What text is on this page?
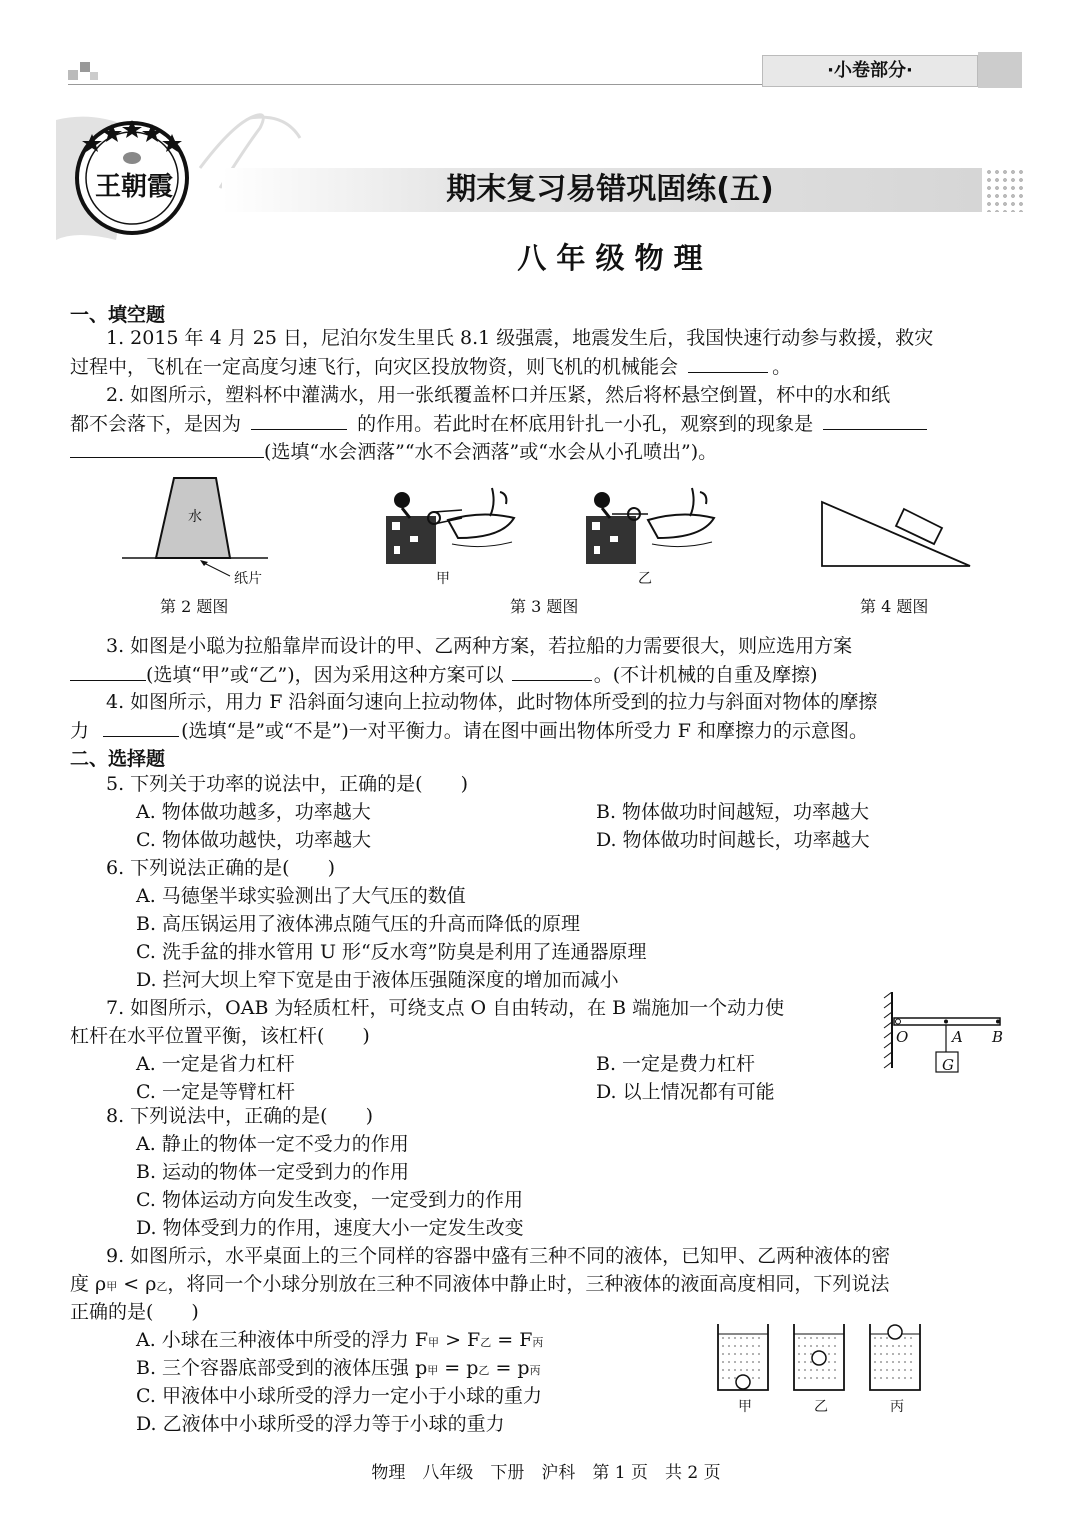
·小卷部分·
王朝霞	期末复习易错巩固练(五)
八 年 级 物 理
一、填空题
1. 2015 年 4 月 25 日，尼泊尔发生里氏 8.1 级强震，地震发生后，我国快速行动参与救援，救灾
过程中，飞机在一定高度匀速飞行，向灾区投放物资，则飞机的机械能会	。
2. 如图所示，塑料杯中灌满水，用一张纸覆盖杯口并压紧，然后将杯悬空倒置，杯中的水和纸
都不会落下，是因为	的作用。若此时在杯底用针扎一小孔，观察到的现象是
(选填“水会洒落”“水不会洒落”或“水会从小孔喷出”)。
水
纸片
第 2 题图
甲	乙
第 3 题图	第 4 题图
3. 如图是小聪为拉船靠岸而设计的甲、乙两种方案，若拉船的力需要很大，则应选用方案
(选填“甲”或“乙”)，因为采用这种方案可以	。(不计机械的自重及摩擦)
4. 如图所示，用力 F 沿斜面匀速向上拉动物体，此时物体所受到的拉力与斜面对物体的摩擦
力	(选填“是”或“不是”)一对平衡力。请在图中画出物体所受力 F 和摩擦力的示意图。
二、选择题
5. 下列关于功率的说法中，正确的是(　　)
A. 物体做功越多，功率越大	B. 物体做功时间越短，功率越大
C. 物体做功越快，功率越大	D. 物体做功时间越长，功率越大
6. 下列说法正确的是(　　)
A. 马德堡半球实验测出了大气压的数值
B. 高压锅运用了液体沸点随气压的升高而降低的原理
C. 洗手盆的排水管用 U 形“反水弯”防臭是利用了连通器原理
D. 拦河大坝上窄下宽是由于液体压强随深度的增加而减小
7. 如图所示，OAB 为轻质杠杆，可绕支点 O 自由转动，在 B 端施加一个动力使
杠杆在水平位置平衡，该杠杆(　　)
A. 一定是省力杠杆	B. 一定是费力杠杆
C. 一定是等臂杠杆	D. 以上情况都有可能
O	A B
G
8. 下列说法中，正确的是(　　)
A. 静止的物体一定不受力的作用
B. 运动的物体一定受到力的作用
C. 物体运动方向发生改变，一定受到力的作用
D. 物体受到力的作用，速度大小一定发生改变
9. 如图所示，水平桌面上的三个同样的容器中盛有三种不同的液体，已知甲、乙两种液体的密
度 ρ甲 < ρ乙，将同一个小球分别放在三种不同液体中静止时，三种液体的液面高度相同，下列说法
正确的是(　　)
A. 小球在三种液体中所受的浮力 F甲 > F乙 = F丙
B. 三个容器底部受到的液体压强 p甲 = p乙 = p丙
C. 甲液体中小球所受的浮力一定小于小球的重力
D. 乙液体中小球所受的浮力等于小球的重力
甲	乙	丙
物理　八年级　下册　沪科　第 1 页　共 2 页
